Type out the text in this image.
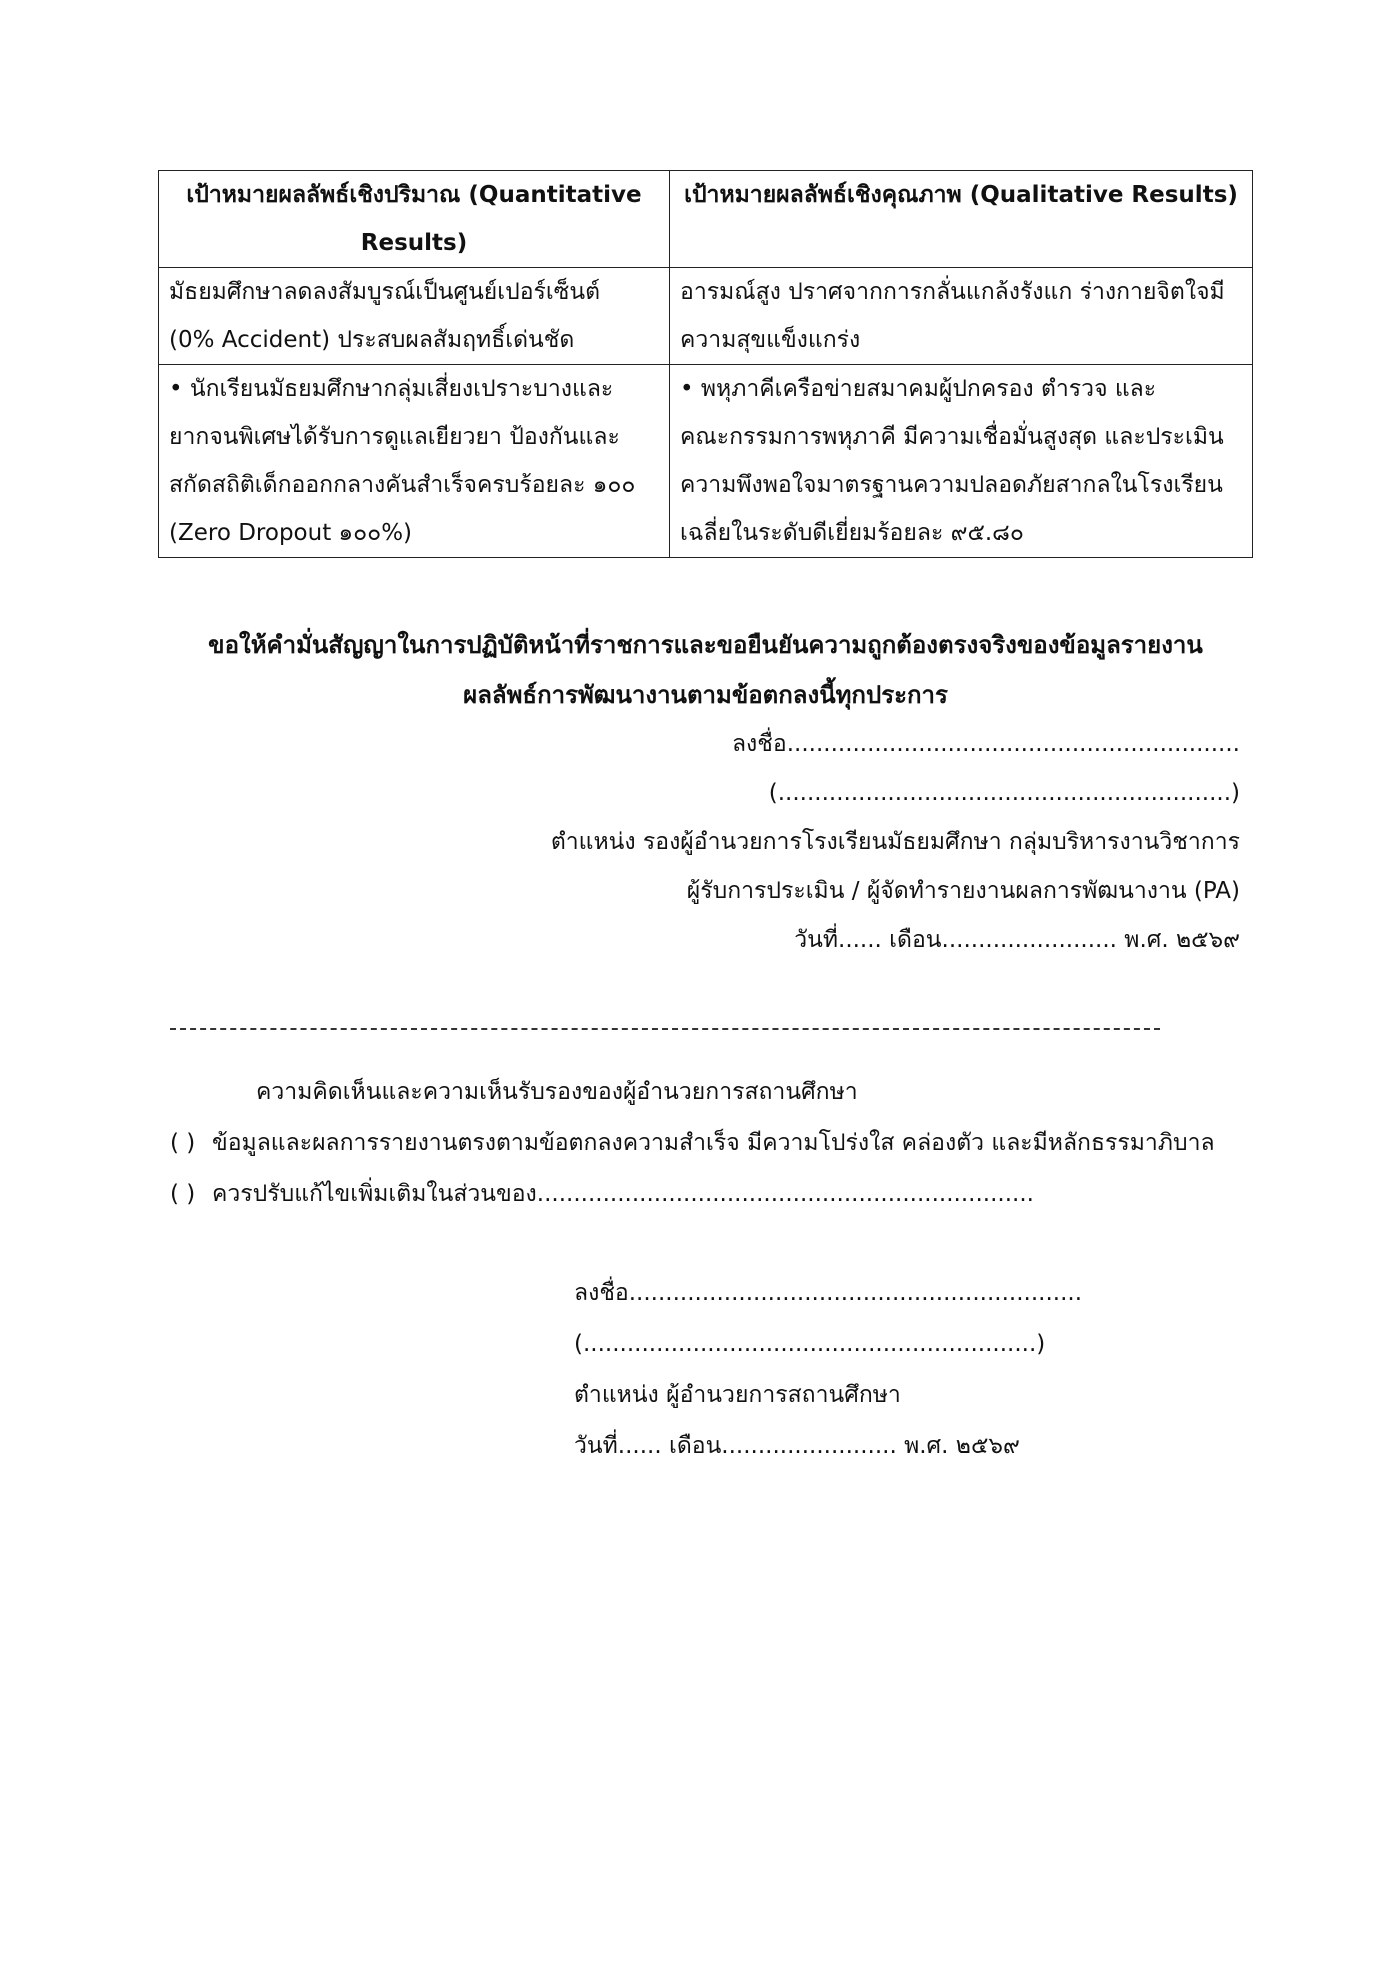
เป้าหมายผลลัพธ์เชิงปริมาณ (Quantitative
Results)	เป้าหมายผลลัพธ์เชิงคุณภาพ (Qualitative Results)

มัธยมศึกษาลดลงสัมบูรณ์เป็นศูนย์เปอร์เซ็นต์
(0% Accident) ประสบผลสัมฤทธิ์เด่นชัด	อารมณ์สูง ปราศจากการกลั่นแกล้งรังแก ร่างกายจิตใจมี
ความสุขแข็งแกร่ง

• นักเรียนมัธยมศึกษากลุ่มเสี่ยงเปราะบางและ
ยากจนพิเศษได้รับการดูแลเยียวยา ป้องกันและ
สกัดสถิติเด็กออกกลางคันสำเร็จครบร้อยละ ๑๐๐
(Zero Dropout ๑๐๐%)	• พหุภาคีเครือข่ายสมาคมผู้ปกครอง ตำรวจ และ
คณะกรรมการพหุภาคี มีความเชื่อมั่นสูงสุด และประเมิน
ความพึงพอใจมาตรฐานความปลอดภัยสากลในโรงเรียน
เฉลี่ยในระดับดีเยี่ยมร้อยละ ๙๕.๘๐
ขอให้คำมั่นสัญญาในการปฏิบัติหน้าที่ราชการและขอยืนยันความถูกต้องตรงจริงของข้อมูลรายงาน
ผลลัพธ์การพัฒนางานตามข้อตกลงนี้ทุกประการ
ลงชื่อ..............................................................
(..............................................................)
ตำแหน่ง รองผู้อำนวยการโรงเรียนมัธยมศึกษา กลุ่มบริหารงานวิชาการ
ผู้รับการประเมิน / ผู้จัดทำรายงานผลการพัฒนางาน (PA)
วันที่...... เดือน........................ พ.ศ. ๒๕๖๙
ความคิดเห็นและความเห็นรับรองของผู้อำนวยการสถานศึกษา
( ) ข้อมูลและผลการรายงานตรงตามข้อตกลงความสำเร็จ มีความโปร่งใส คล่องตัว และมีหลักธรรมาภิบาล
( ) ควรปรับแก้ไขเพิ่มเติมในส่วนของ....................................................................
ลงชื่อ..............................................................
(..............................................................)
ตำแหน่ง ผู้อำนวยการสถานศึกษา
วันที่...... เดือน........................ พ.ศ. ๒๕๖๙
